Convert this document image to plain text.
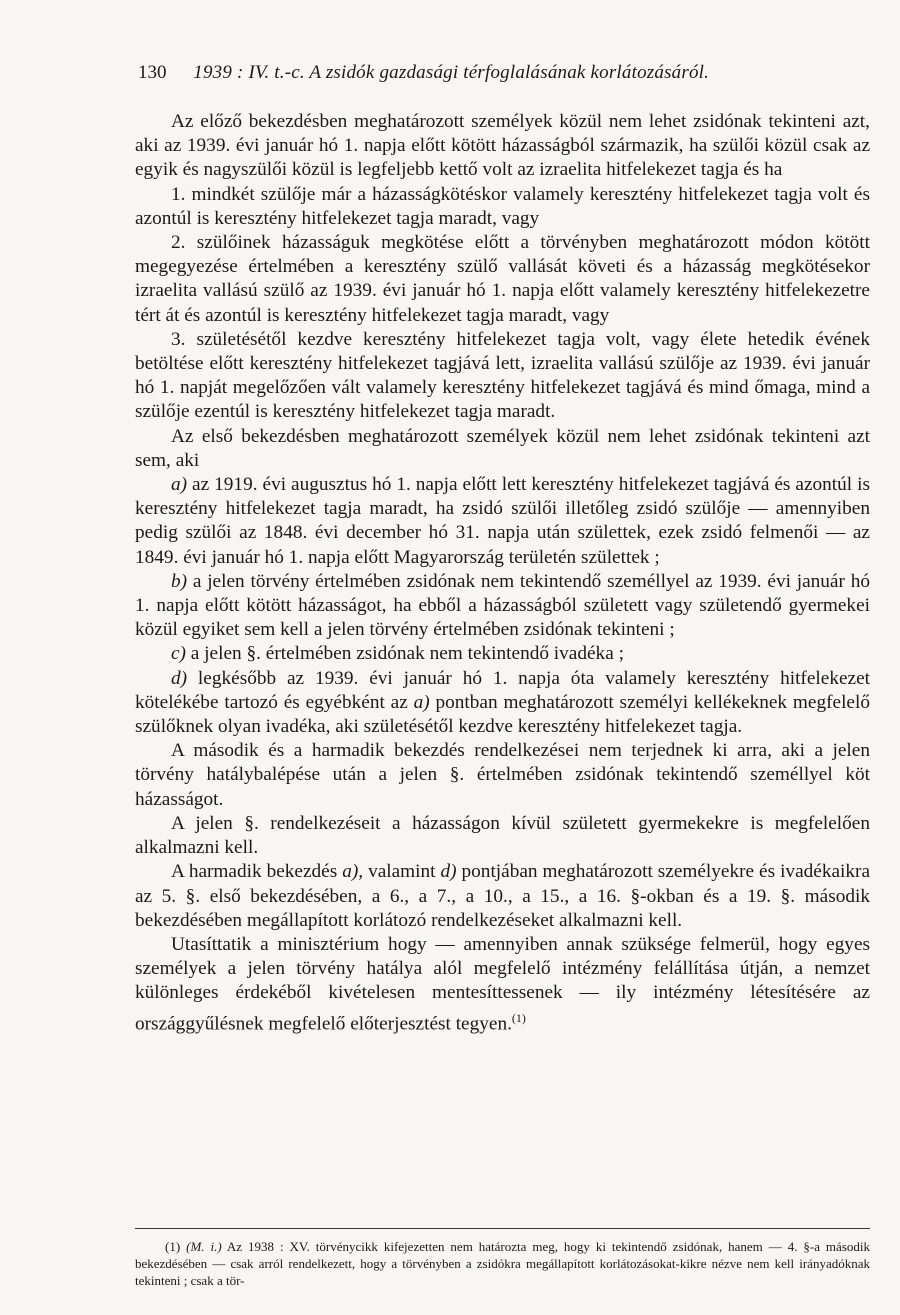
130 1939 : IV. t.-c. A zsidók gazdasági térfoglalásának korlátozásáról.

Az előző bekezdésben meghatározott személyek közül nem lehet zsidónak tekinteni azt, aki az 1939. évi január hó 1. napja előtt kötött házasságból származik, ha szülői közül csak az egyik és nagyszülői közül is legfeljebb kettő volt az izraelita hitfelekezet tagja és ha

1. mindkét szülője már a házasságkötéskor valamely keresztény hitfelekezet tagja volt és azontúl is keresztény hitfelekezet tagja maradt, vagy

2. szülőinek házasságuk megkötése előtt a törvényben meghatározott módon kötött megegyezése értelmében a keresztény szülő vallását követi és a házasság megkötésekor izraelita vallású szülő az 1939. évi január hó 1. napja előtt valamely keresztény hitfelekezetre tért át és azontúl is keresztény hitfelekezet tagja maradt, vagy

3. születésétől kezdve keresztény hitfelekezet tagja volt, vagy élete hetedik évének betöltése előtt keresztény hitfelekezet tagjává lett, izraelita vallású szülője az 1939. évi január hó 1. napját megelőzően vált valamely keresztény hitfelekezet tagjává és mind őmaga, mind a szülője ezentúl is keresztény hitfelekezet tagja maradt.

Az első bekezdésben meghatározott személyek közül nem lehet zsidónak tekinteni azt sem, aki

a) az 1919. évi augusztus hó 1. napja előtt lett keresztény hitfelekezet tagjává és azontúl is keresztény hitfelekezet tagja maradt, ha zsidó szülői illetőleg zsidó szülője — amennyiben pedig szülői az 1848. évi december hó 31. napja után születtek, ezek zsidó felmenői — az 1849. évi január hó 1. napja előtt Magyarország területén születtek ;

b) a jelen törvény értelmében zsidónak nem tekintendő személlyel az 1939. évi január hó 1. napja előtt kötött házasságot, ha ebből a házasságból született vagy születendő gyermekei közül egyiket sem kell a jelen törvény értelmében zsidónak tekinteni ;

c) a jelen §. értelmében zsidónak nem tekintendő ivadéka ;

d) legkésőbb az 1939. évi január hó 1. napja óta valamely keresztény hitfelekezet kötelékébe tartozó és egyébként az a) pontban meghatározott személyi kellékeknek megfelelő szülőknek olyan ivadéka, aki születésétől kezdve keresztény hitfelekezet tagja.

A második és a harmadik bekezdés rendelkezései nem terjednek ki arra, aki a jelen törvény hatálybalépése után a jelen §. értelmében zsidónak tekintendő személlyel köt házasságot.

A jelen §. rendelkezéseit a házasságon kívül született gyermekekre is megfelelően alkalmazni kell.

A harmadik bekezdés a), valamint d) pontjában meghatározott személyekre és ivadékaikra az 5. §. első bekezdésében, a 6., a 7., a 10., a 15., a 16. §-okban és a 19. §. második bekezdésében megállapított korlátozó rendelkezéseket alkalmazni kell.

Utasíttatik a minisztérium hogy — amennyiben annak szüksége felmerül, hogy egyes személyek a jelen törvény hatálya alól megfelelő intézmény felállítása útján, a nemzet különleges érdekéből kivételesen mentesíttessenek — ily intézmény létesítésére az országgyűlésnek megfelelő előterjesztést tegyen.$^{(1)}$

(1) (M. i.) Az 1938 : XV. törvénycikk kifejezetten nem határozta meg, hogy ki tekintendő zsidónak, hanem — 4. §-a második bekezdésében — csak arról rendelkezett, hogy a törvényben a zsidókra megállapított korlátozásokat-kikre nézve nem kell irányadóknak tekinteni ; csak a tör-
